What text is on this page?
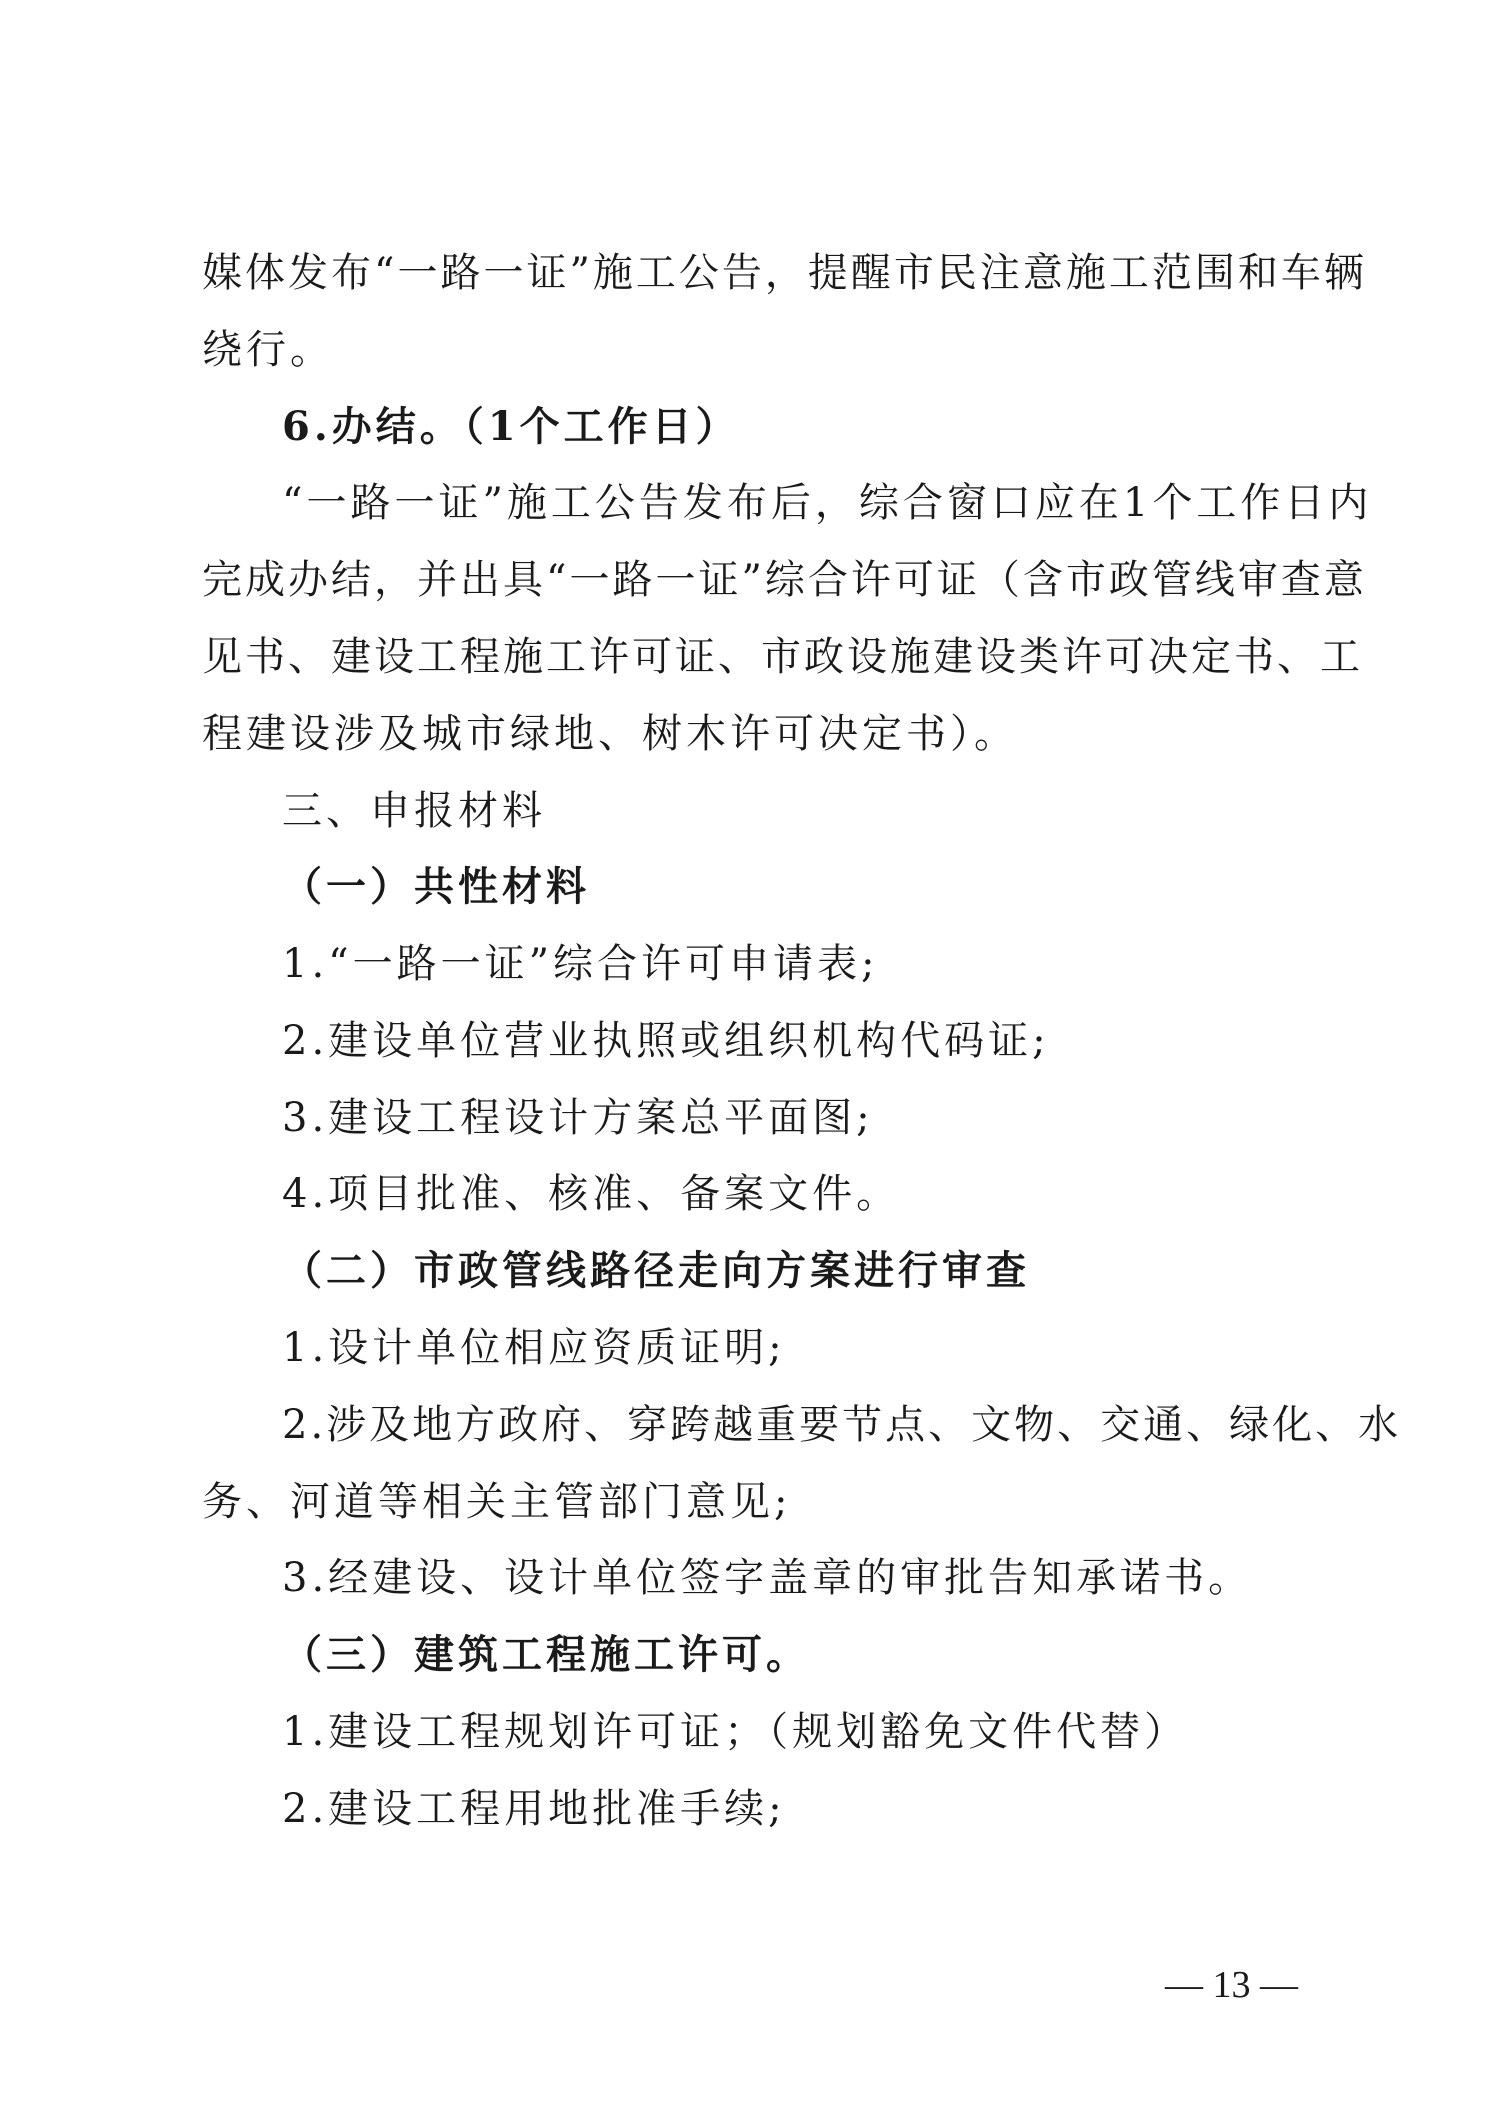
媒体发布“一路一证”施工公告，提醒市民注意施工范围和车辆
绕行。
6.办结。（1个工作日）
“一路一证”施工公告发布后，综合窗口应在1个工作日内
完成办结，并出具“一路一证”综合许可证（含市政管线审查意
见书、建设工程施工许可证、市政设施建设类许可决定书、工
程建设涉及城市绿地、树木许可决定书）。
三、申报材料
（一）共性材料
1.“一路一证”综合许可申请表;
2.建设单位营业执照或组织机构代码证;
3.建设工程设计方案总平面图;
4.项目批准、核准、备案文件。
（二）市政管线路径走向方案进行审查
1.设计单位相应资质证明;
2.涉及地方政府、穿跨越重要节点、文物、交通、绿化、水
务、河道等相关主管部门意见;
3.经建设、设计单位签字盖章的审批告知承诺书。
（三）建筑工程施工许可。
1.建设工程规划许可证；（规划豁免文件代替）
2.建设工程用地批准手续;
— 13 —
